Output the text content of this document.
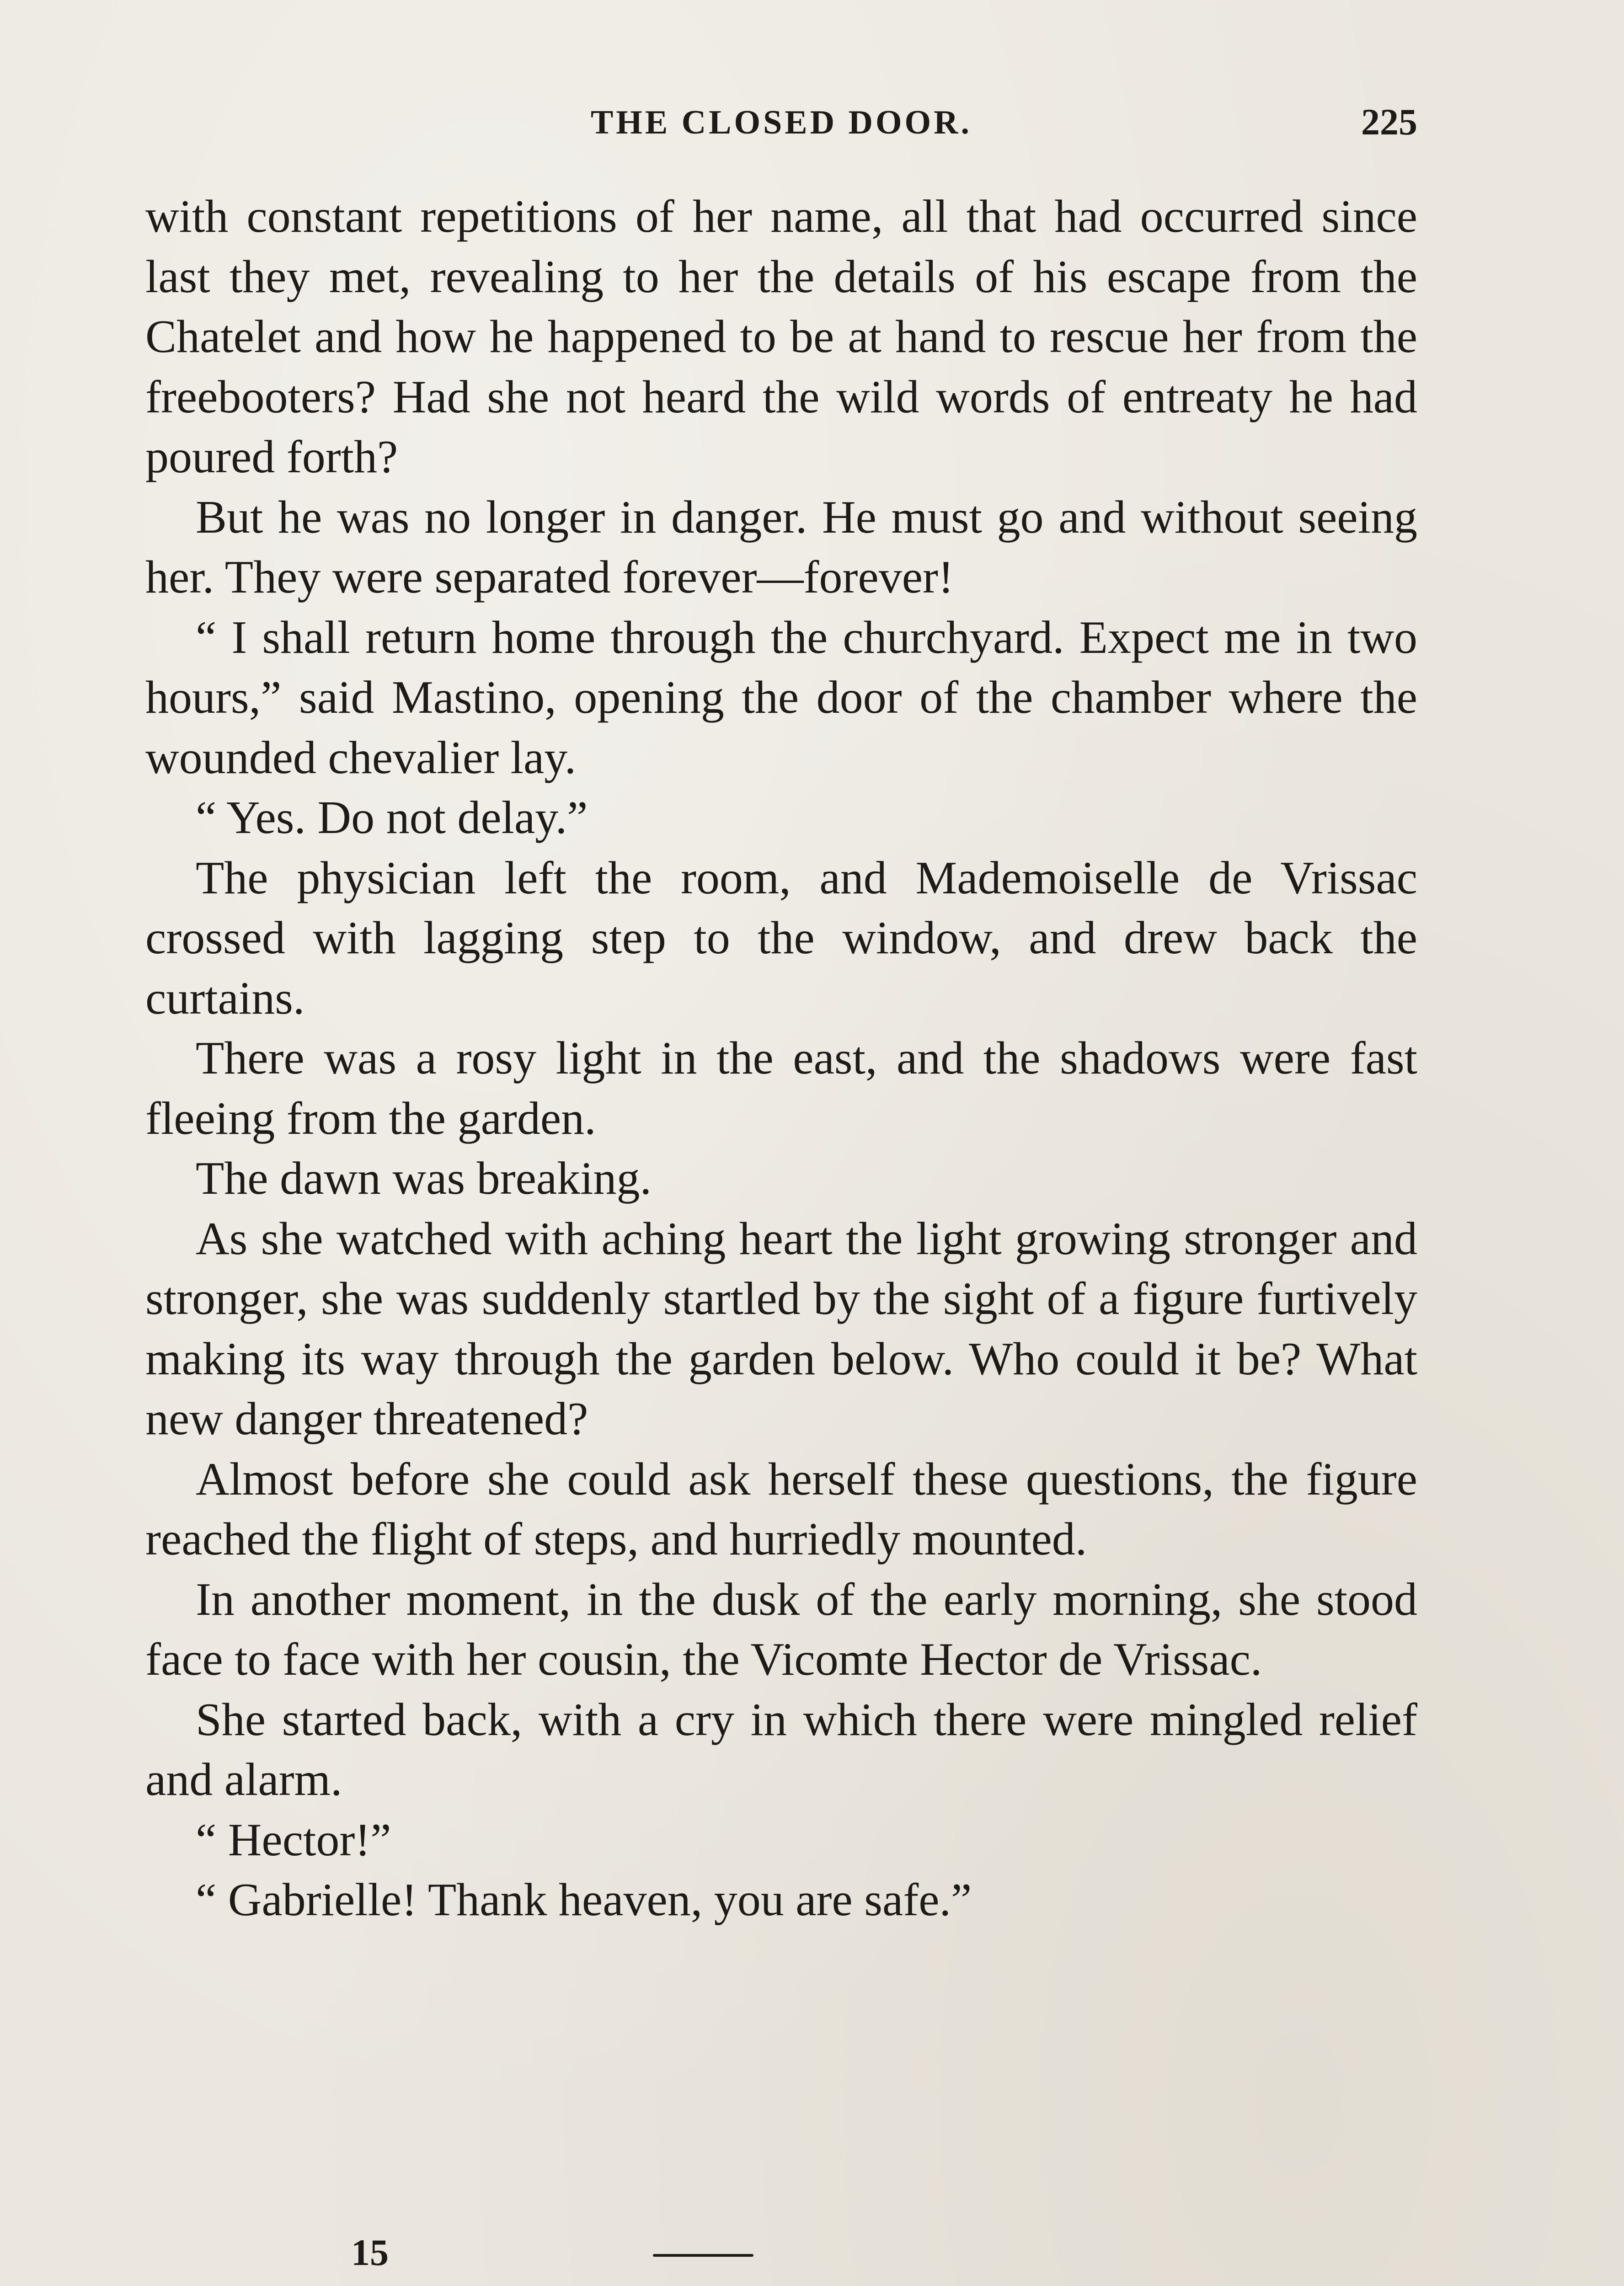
THE CLOSED DOOR.	225

with constant repetitions of her name, all that had occurred since last they met, revealing to her the details of his escape from the Chatelet and how he happened to be at hand to rescue her from the freebooters? Had she not heard the wild words of entreaty he had poured forth?

But he was no longer in danger. He must go and without seeing her. They were separated forever—forever!

“ I shall return home through the churchyard. Expect me in two hours,” said Mastino, opening the door of the chamber where the wounded chevalier lay.

“ Yes. Do not delay.”

The physician left the room, and Mademoiselle de Vrissac crossed with lagging step to the window, and drew back the curtains.

There was a rosy light in the east, and the shadows were fast fleeing from the garden.

The dawn was breaking.

As she watched with aching heart the light growing stronger and stronger, she was suddenly startled by the sight of a figure furtively making its way through the garden below. Who could it be? What new danger threatened?

Almost before she could ask herself these questions, the figure reached the flight of steps, and hurriedly mounted.

In another moment, in the dusk of the early morning, she stood face to face with her cousin, the Vicomte Hector de Vrissac.

She started back, with a cry in which there were mingled relief and alarm.

“ Hector!”

“ Gabrielle! Thank heaven, you are safe.”

15
